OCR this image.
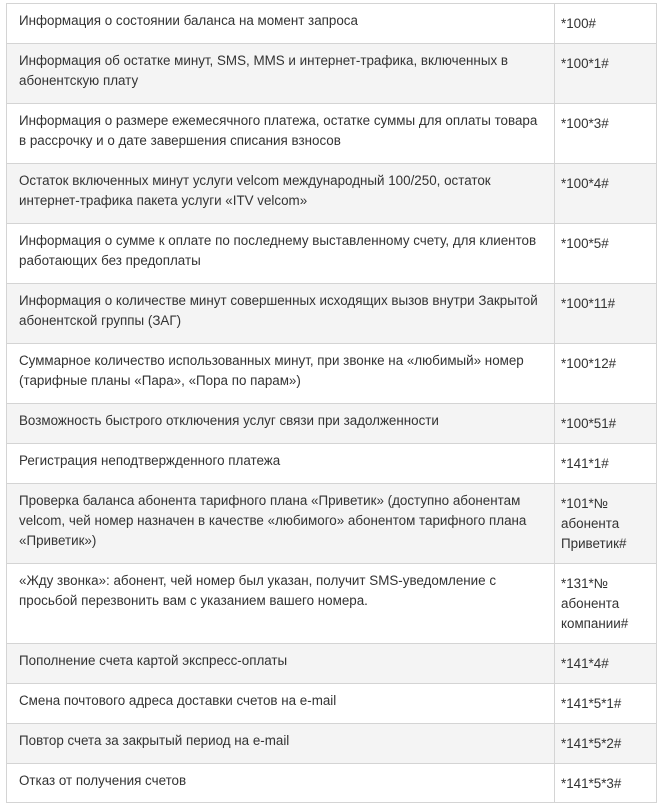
Информация о состоянии баланса на момент запроса	*100#

Информация об остатке минут, SMS, MMS и интернет-трафика, включенных в абонентскую плату	*100*1#

Информация о размере ежемесячного платежа, остатке суммы для оплаты товара в рассрочку и о дате завершения списания взносов	*100*3#

Остаток включенных минут услуги velcom международный 100/250, остаток интернет-трафика пакета услуги «ITV velcom»	*100*4#

Информация о сумме к оплате по последнему выставленному счету, для клиентов работающих без предоплаты	*100*5#

Информация о количестве минут совершенных исходящих вызов внутри Закрытой абонентской группы (ЗАГ)	*100*11#

Суммарное количество использованных минут, при звонке на «любимый» номер (тарифные планы «Пара», «Пора по парам»)	*100*12#

Возможность быстрого отключения услуг связи при задолженности	*100*51#

Регистрация неподтвержденного платежа	*141*1#

Проверка баланса абонента тарифного плана «Приветик» (доступно абонентам velcom, чей номер назначен в качестве «любимого» абонентом тарифного плана «Приветик»)	*101*№
абонента
Приветик#

«Жду звонка»: абонент, чей номер был указан, получит SMS-уведомление с просьбой перезвонить вам с указанием вашего номера.	*131*№
абонента
компании#

Пополнение счета картой экспресс-оплаты	*141*4#

Смена почтового адреса доставки счетов на e-mail	*141*5*1#

Повтор счета за закрытый период на e-mail	*141*5*2#

Отказ от получения счетов	*141*5*3#
